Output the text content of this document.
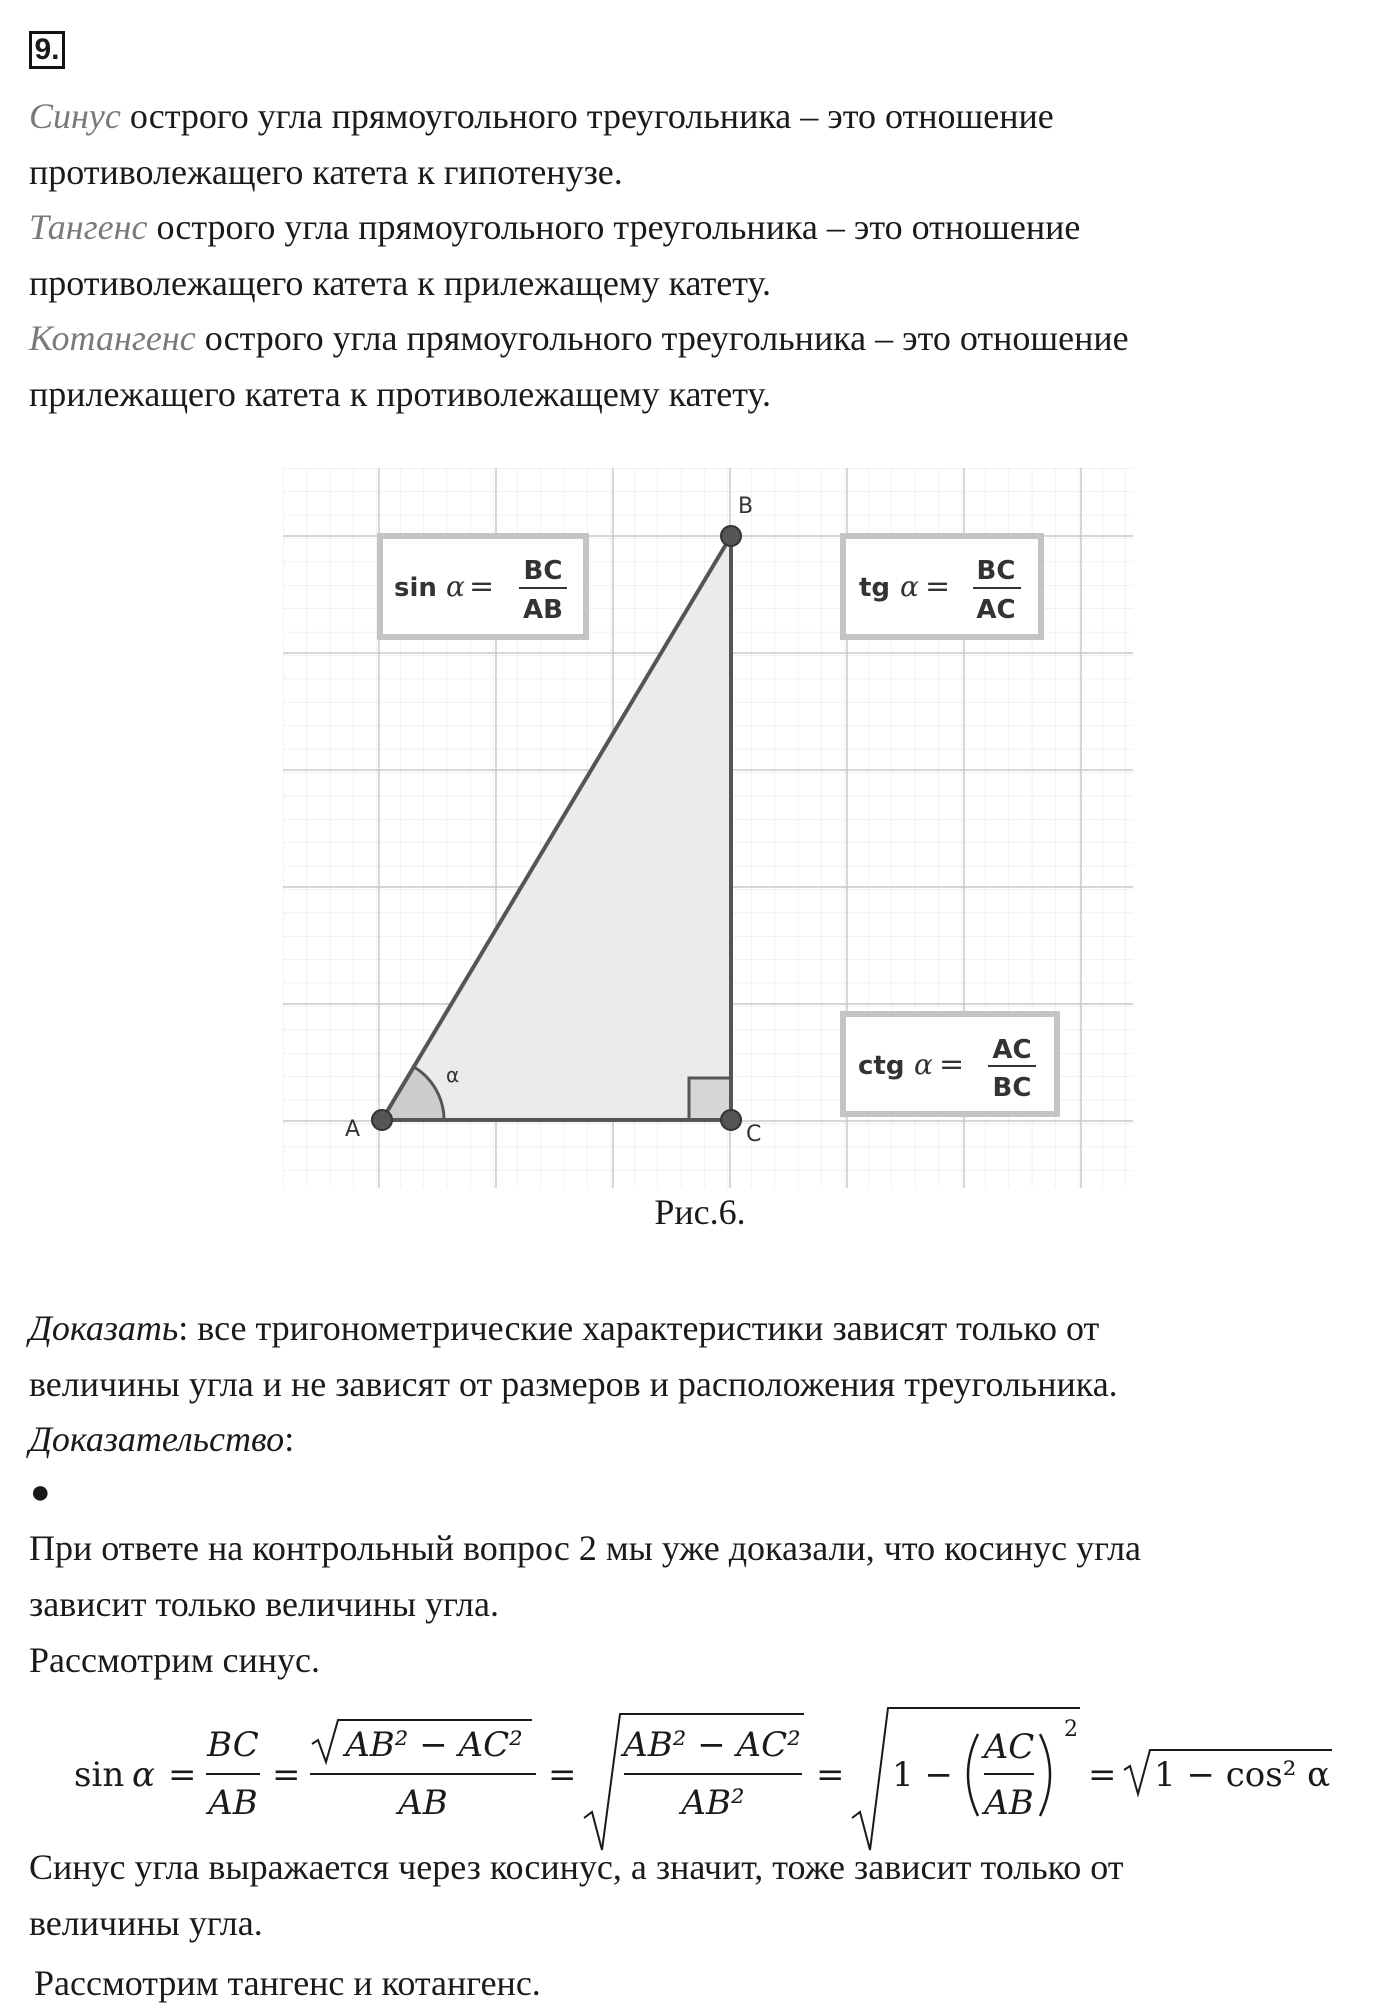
9.

Синус острого угла прямоугольного треугольника – это отношение
противолежащего катета к гипотенузе.

Тангенс острого угла прямоугольного треугольника – это отношение
противолежащего катета к прилежащему катету.

Котангенс острого угла прямоугольного треугольника – это отношение
прилежащего катета к противолежащему катету.

A
B
C
α
sin α = BC
AB
tg α = BC
AC
ctg α = AC
BC
Рис.6.

Доказать: все тригонометрические характеристики зависят только от
величины угла и не зависят от размеров и расположения треугольника.

Доказательство:

●

При ответе на контрольный вопрос 2 мы уже доказали, что косинус угла
зависит только величины угла.

Рассмотрим синус.

sin α =
BC
AB
=
AB² − AC²
AB
=
AB² − AC²
AB²
= 1 −
AC
AB
2
= 1 − cos² α

Синус угла выражается через косинус, а значит, тоже зависит только от
величины угла.

Рассмотрим тангенс и котангенс.
